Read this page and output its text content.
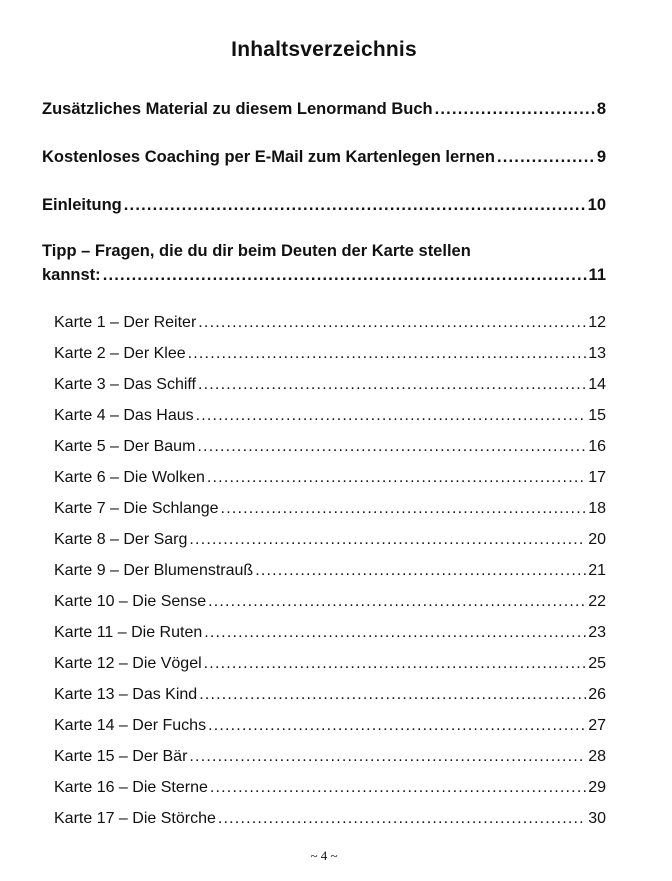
Inhaltsverzeichnis
Zusätzliches Material zu diesem Lenormand Buch .....	8
Kostenloses Coaching per E-Mail zum Kartenlegen lernen .....	9
Einleitung .....	10
Tipp – Fragen, die du dir beim Deuten der Karte stellen
kannst: .....	11
Karte 1 – Der Reiter .....	12
Karte 2 – Der Klee .....	13
Karte 3 – Das Schiff .....	14
Karte 4 – Das Haus .....	15
Karte 5 – Der Baum .....	16
Karte 6 – Die Wolken .....	17
Karte 7 – Die Schlange .....	18
Karte 8 – Der Sarg .....	20
Karte 9 – Der Blumenstrauß .....	21
Karte 10 – Die Sense .....	22
Karte 11 – Die Ruten .....	23
Karte 12 – Die Vögel .....	25
Karte 13 – Das Kind .....	26
Karte 14 – Der Fuchs .....	27
Karte 15 – Der Bär .....	28
Karte 16 – Die Sterne .....	29
Karte 17 – Die Störche .....	30
~ 4 ~
